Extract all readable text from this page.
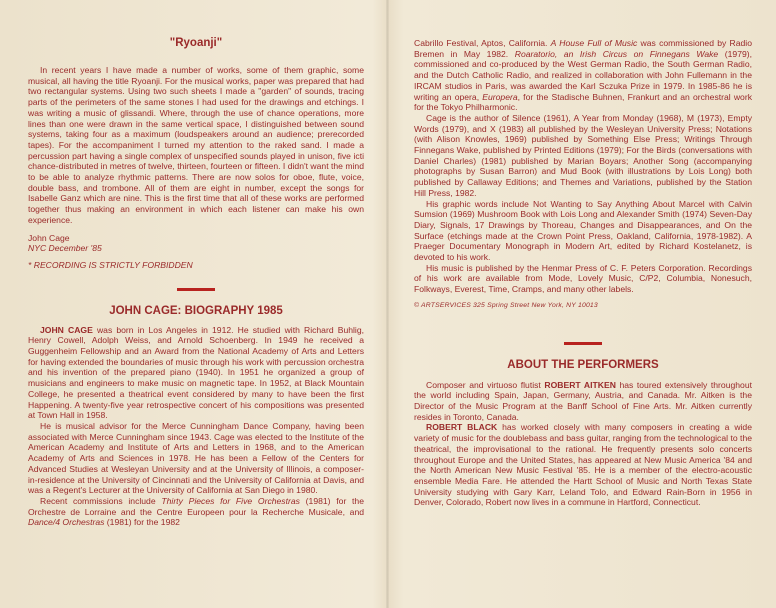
"Ryoanji"

In recent years I have made a number of works, some of them graphic, some musical, all having the title Ryoanji. For the musical works, paper was prepared that had two rectangular systems. Using two such sheets I made a "garden" of sounds, tracing parts of the perimeters of the same stones I had used for the drawings and etchings. I was writing a music of glissandi. Where, through the use of chance operations, more lines than one were drawn in the same vertical space, I distinguished between sound systems, taking four as a maximum (loudspeakers around an audience; prerecorded tapes). For the accompaniment I turned my attention to the raked sand. I made a percussion part having a single complex of unspecified sounds played in unison, five icti chance-distributed in metres of twelve, thirteen, fourteen or fifteen. I didn't want the mind to be able to analyze rhythmic patterns. There are now solos for oboe, flute, voice, double bass, and trombone. All of them are eight in number, except the songs for Isabelle Ganz which are nine. This is the first time that all of these works are performed together thus making an environment in which each listener can make his own experience.

John Cage

NYC December '85

* RECORDING IS STRICTLY FORBIDDEN

JOHN CAGE: BIOGRAPHY 1985

JOHN CAGE was born in Los Angeles in 1912. He studied with Richard Buhlig, Henry Cowell, Adolph Weiss, and Arnold Schoenberg. In 1949 he received a Guggenheim Fellowship and an Award from the National Academy of Arts and Letters for having extended the boundaries of music through his work with percussion orchestra and his invention of the prepared piano (1940). In 1951 he organized a group of musicians and engineers to make music on magnetic tape. In 1952, at Black Mountain College, he presented a theatrical event considered by many to have been the first Happening. A twenty-five year retrospective concert of his compositions was presented at Town Hall in 1958.

He is musical advisor for the Merce Cunningham Dance Company, having been associated with Merce Cunningham since 1943. Cage was elected to the Institute of the American Academy and Institute of Arts and Letters in 1968, and to the American Academy of Arts and Sciences in 1978. He has been a Fellow of the Centers for Advanced Studies at Wesleyan University and at the University of Illinois, a composer-in-residence at the University of Cincinnati and the University of California at Davis, and was a Regent's Lecturer at the University of California at San Diego in 1980.

Recent commissions include Thirty Pieces for Five Orchestras (1981) for the Orchestre de Lorraine and the Centre Europeen pour la Recherche Musicale, and Dance/4 Orchestras (1981) for the 1982

Cabrillo Festival, Aptos, California. A House Full of Music was commissioned by Radio Bremen in May 1982. Roaratorio, an Irish Circus on Finnegans Wake (1979), commissioned and co-produced by the West German Radio, the South German Radio, and the Dutch Catholic Radio, and realized in collaboration with John Fullemann in the IRCAM studios in Paris, was awarded the Karl Sczuka Prize in 1979. In 1985-86 he is writing an opera, Europera, for the Stadische Buhnen, Frankurt and an orchestral work for the Tokyo Philharmonic.

Cage is the author of Silence (1961), A Year from Monday (1968), M (1973), Empty Words (1979), and X (1983) all published by the Wesleyan University Press; Notations (with Alison Knowles, 1969) published by Something Else Press; Writings Through Finnegans Wake, published by Printed Editions (1979); For the Birds (conversations with Daniel Charles) (1981) published by Marian Boyars; Another Song (accompanying photographs by Susan Barron) and Mud Book (with illustrations by Lois Long) both published by Callaway Editions; and Themes and Variations, published by the Station Hill Press, 1982.

His graphic words include Not Wanting to Say Anything About Marcel with Calvin Sumsion (1969) Mushroom Book with Lois Long and Alexander Smith (1974) Seven-Day Diary, Signals, 17 Drawings by Thoreau, Changes and Disappearances, and On the Surface (etchings made at the Crown Point Press, Oakland, California, 1978-1982). A Praeger Documentary Monograph in Modern Art, edited by Richard Kostelanetz, is devoted to his work.

His music is published by the Henmar Press of C. F. Peters Corporation. Recordings of his work are available from Mode, Lovely Music, C/P2, Columbia, Nonesuch, Folkways, Everest, Time, Cramps, and many other labels.

© ARTSERVICES 325 Spring Street New York, NY 10013

ABOUT THE PERFORMERS

Composer and virtuoso flutist ROBERT AITKEN has toured extensively throughout the world including Spain, Japan, Germany, Austria, and Canada. Mr. Aitken is the Director of the Music Program at the Banff School of Fine Arts. Mr. Aitken currently resides in Toronto, Canada.

ROBERT BLACK has worked closely with many composers in creating a wide variety of music for the doublebass and bass guitar, ranging from the technological to the theatrical, the improvisational to the rational. He frequently presents solo concerts throughout Europe and the United States, has appeared at New Music America '84 and the North American New Music Festival '85. He is a member of the electro-acoustic ensemble Media Fare. He attended the Hartt School of Music and North Texas State University studying with Gary Karr, Leland Tolo, and Edward Rain-Born in 1956 in Denver, Colorado, Robert now lives in a commune in Hartford, Connecticut.
